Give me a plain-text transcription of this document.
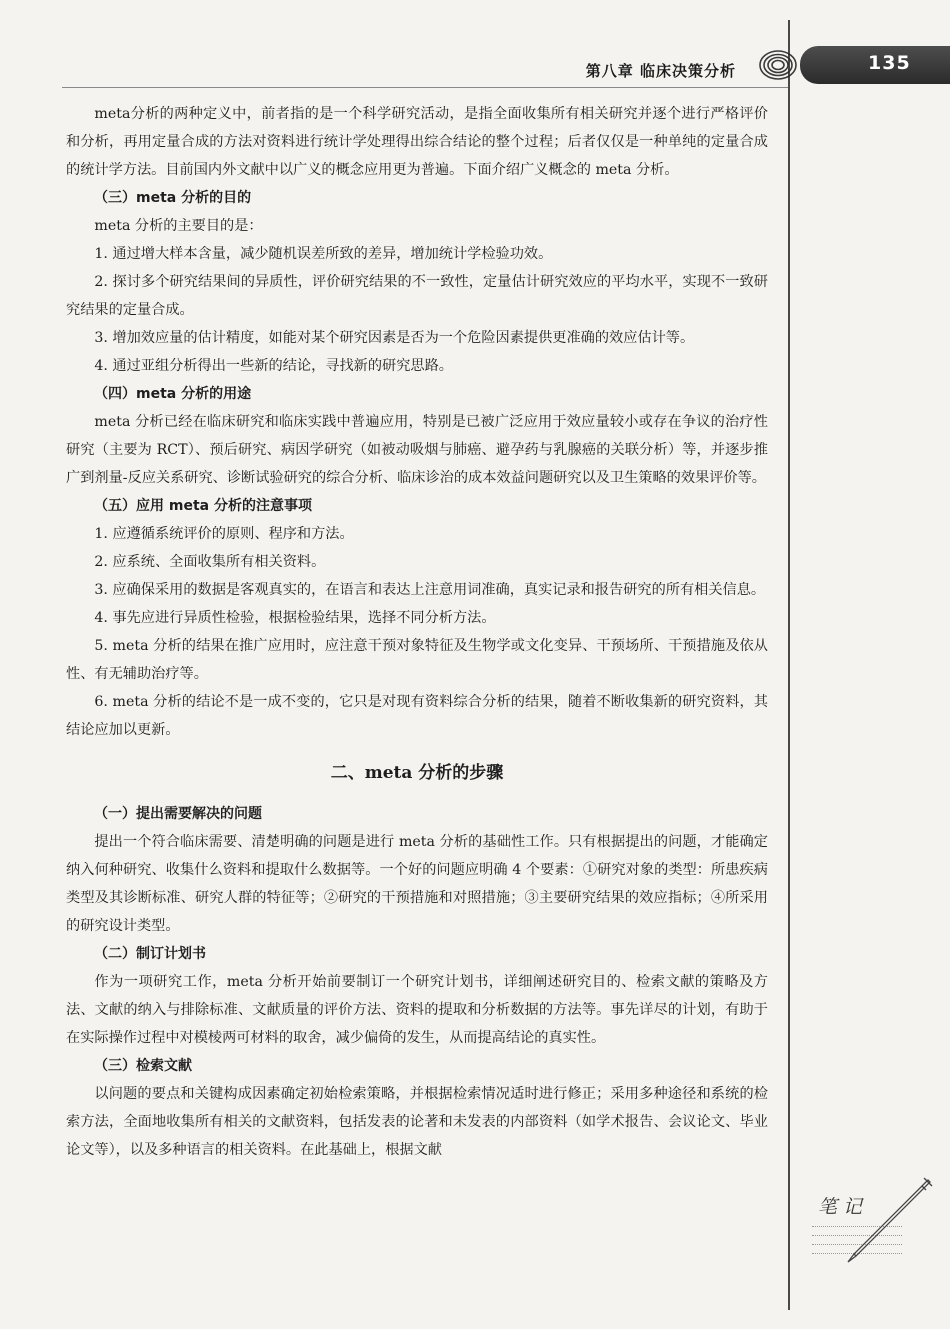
第八章 临床决策分析	135

meta分析的两种定义中，前者指的是一个科学研究活动，是指全面收集所有相关研究并逐个进行严格评价和分析，再用定量合成的方法对资料进行统计学处理得出综合结论的整个过程；后者仅仅是一种单纯的定量合成的统计学方法。目前国内外文献中以广义的概念应用更为普遍。下面介绍广义概念的 meta 分析。

（三）meta 分析的目的

meta 分析的主要目的是：

1. 通过增大样本含量，减少随机误差所致的差异，增加统计学检验功效。

2. 探讨多个研究结果间的异质性，评价研究结果的不一致性，定量估计研究效应的平均水平，实现不一致研究结果的定量合成。

3. 增加效应量的估计精度，如能对某个研究因素是否为一个危险因素提供更准确的效应估计等。

4. 通过亚组分析得出一些新的结论，寻找新的研究思路。

（四）meta 分析的用途

meta 分析已经在临床研究和临床实践中普遍应用，特别是已被广泛应用于效应量较小或存在争议的治疗性研究（主要为 RCT）、预后研究、病因学研究（如被动吸烟与肺癌、避孕药与乳腺癌的关联分析）等，并逐步推广到剂量-反应关系研究、诊断试验研究的综合分析、临床诊治的成本效益问题研究以及卫生策略的效果评价等。

（五）应用 meta 分析的注意事项

1. 应遵循系统评价的原则、程序和方法。

2. 应系统、全面收集所有相关资料。

3. 应确保采用的数据是客观真实的，在语言和表达上注意用词准确，真实记录和报告研究的所有相关信息。

4. 事先应进行异质性检验，根据检验结果，选择不同分析方法。

5. meta 分析的结果在推广应用时，应注意干预对象特征及生物学或文化变异、干预场所、干预措施及依从性、有无辅助治疗等。

6. meta 分析的结论不是一成不变的，它只是对现有资料综合分析的结果，随着不断收集新的研究资料，其结论应加以更新。

二、meta 分析的步骤

（一）提出需要解决的问题

提出一个符合临床需要、清楚明确的问题是进行 meta 分析的基础性工作。只有根据提出的问题，才能确定纳入何种研究、收集什么资料和提取什么数据等。一个好的问题应明确 4 个要素：①研究对象的类型：所患疾病类型及其诊断标准、研究人群的特征等；②研究的干预措施和对照措施；③主要研究结果的效应指标；④所采用的研究设计类型。

（二）制订计划书

作为一项研究工作，meta 分析开始前要制订一个研究计划书，详细阐述研究目的、检索文献的策略及方法、文献的纳入与排除标准、文献质量的评价方法、资料的提取和分析数据的方法等。事先详尽的计划，有助于在实际操作过程中对模棱两可材料的取舍，减少偏倚的发生，从而提高结论的真实性。

（三）检索文献

以问题的要点和关键构成因素确定初始检索策略，并根据检索情况适时进行修正；采用多种途径和系统的检索方法，全面地收集所有相关的文献资料，包括发表的论著和未发表的内部资料（如学术报告、会议论文、毕业论文等），以及多种语言的相关资料。在此基础上，根据文献

笔记
